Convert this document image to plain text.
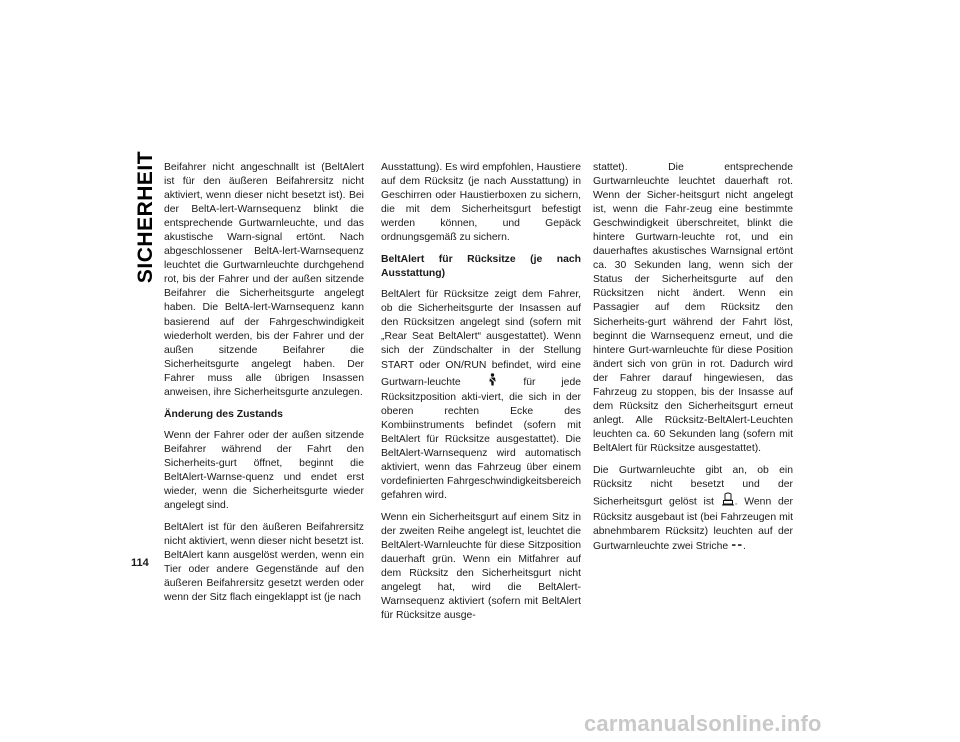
SICHERHEIT Beifahrer nicht angeschnallt ist (BeltAlert ist für den äußeren Beifahrersitz nicht aktiviert, wenn dieser nicht besetzt ist). Bei der BeltA-lert-Warnsequenz blinkt die entsprechende Gurtwarnleuchte, und das akustische Warn-signal ertönt. Nach abgeschlossener BeltA-lert-Warnsequenz leuchtet die Gurtwarnleuchte durchgehend rot, bis der Fahrer und der außen sitzende Beifahrer die Sicherheitsgurte angelegt haben. Die BeltA-lert-Warnsequenz kann basierend auf der Fahrgeschwindigkeit wiederholt werden, bis der Fahrer und der außen sitzende Beifahrer die Sicherheitsgurte angelegt haben. Der Fahrer muss alle übrigen Insassen anweisen, ihre Sicherheitsgurte anzulegen.

Änderung des Zustands

Wenn der Fahrer oder der außen sitzende Beifahrer während der Fahrt den Sicherheits-gurt öffnet, beginnt die BeltAlert-Warnse-quenz und endet erst wieder, wenn die Sicherheitsgurte wieder angelegt sind.

BeltAlert ist für den äußeren Beifahrersitz nicht aktiviert, wenn dieser nicht besetzt ist. BeltAlert kann ausgelöst werden, wenn ein Tier oder andere Gegenstände auf den äußeren Beifahrersitz gesetzt werden oder wenn der Sitz flach eingeklappt ist (je nach

Ausstattung). Es wird empfohlen, Haustiere auf dem Rücksitz (je nach Ausstattung) in Geschirren oder Haustierboxen zu sichern, die mit dem Sicherheitsgurt befestigt werden können, und Gepäck ordnungsgemäß zu sichern.

BeltAlert für Rücksitze (je nach Ausstattung)

BeltAlert für Rücksitze zeigt dem Fahrer, ob die Sicherheitsgurte der Insassen auf den Rücksitzen angelegt sind (sofern mit „Rear Seat BeltAlert“ ausgestattet). Wenn sich der Zündschalter in der Stellung START oder ON/RUN befindet, wird eine Gurtwarn-leuchte	für jede Rücksitzposition akti-viert, die sich in der oberen rechten Ecke des Kombiinstruments befindet (sofern mit BeltAlert für Rücksitze ausgestattet). Die BeltAlert-Warnsequenz wird automatisch aktiviert, wenn das Fahrzeug über einem vordefinierten Fahrgeschwindigkeitsbereich gefahren wird.

Wenn ein Sicherheitsgurt auf einem Sitz in der zweiten Reihe angelegt ist, leuchtet die BeltAlert-Warnleuchte für diese Sitzposition dauerhaft grün. Wenn ein Mitfahrer auf dem Rücksitz den Sicherheitsgurt nicht angelegt hat, wird die BeltAlert-Warnsequenz aktiviert (sofern mit BeltAlert für Rücksitze ausge-

stattet). Die entsprechende Gurtwarnleuchte leuchtet dauerhaft rot. Wenn der Sicher-heitsgurt nicht angelegt ist, wenn die Fahr-zeug eine bestimmte Geschwindigkeit überschreitet, blinkt die hintere Gurtwarn-leuchte rot, und ein dauerhaftes akustisches Warnsignal ertönt ca. 30 Sekunden lang, wenn sich der Status der Sicherheitsgurte auf den Rücksitzen nicht ändert. Wenn ein Passagier auf dem Rücksitz den Sicherheits-gurt während der Fahrt löst, beginnt die Warnsequenz erneut, und die hintere Gurt-warnleuchte für diese Position ändert sich von grün in rot. Dadurch wird der Fahrer darauf hingewiesen, das Fahrzeug zu stoppen, bis der Insasse auf dem Rücksitz den Sicherheitsgurt erneut anlegt. Alle Rücksitz-BeltAlert-Leuchten leuchten ca. 60 Sekunden lang (sofern mit BeltAlert für Rücksitze ausgestattet).

Die Gurtwarnleuchte gibt an, ob ein Rücksitz nicht besetzt und der Sicherheitsgurt gelöst ist . Wenn der Rücksitz ausgebaut ist (bei Fahrzeugen mit abnehmbarem Rücksitz) leuchten auf der Gurtwarnleuchte zwei Striche .

114
carmanualsonline.info
